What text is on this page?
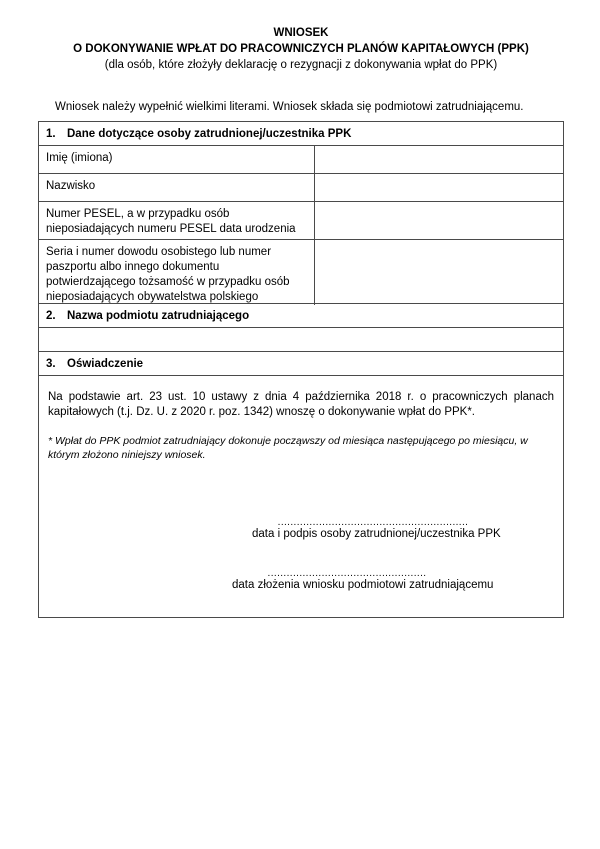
WNIOSEK
O DOKONYWANIE WPŁAT DO PRACOWNICZYCH PLANÓW KAPITAŁOWYCH (PPK)
(dla osób, które złożyły deklarację o rezygnacji z dokonywania wpłat do PPK)
Wniosek należy wypełnić wielkimi literami. Wniosek składa się podmiotowi zatrudniającemu.
1. Dane dotyczące osoby zatrudnionej/uczestnika PPK
Imię (imiona)
Nazwisko
Numer PESEL, a w przypadku osób nieposiadających numeru PESEL data urodzenia
Seria i numer dowodu osobistego lub numer paszportu albo innego dokumentu potwierdzającego tożsamość w przypadku osób nieposiadających obywatelstwa polskiego
2. Nazwa podmiotu zatrudniającego
3. Oświadczenie
Na podstawie art. 23 ust. 10 ustawy z dnia 4 października 2018 r. o pracowniczych planach kapitałowych (t.j. Dz. U. z 2020 r. poz. 1342) wnoszę o dokonywanie wpłat do PPK*.
* Wpłat do PPK podmiot zatrudniający dokonuje począwszy od miesiąca następującego po miesiącu, w którym złożono niniejszy wniosek.
............................................................
data i podpis osoby zatrudnionej/uczestnika PPK
..................................................
data złożenia wniosku podmiotowi zatrudniającemu
